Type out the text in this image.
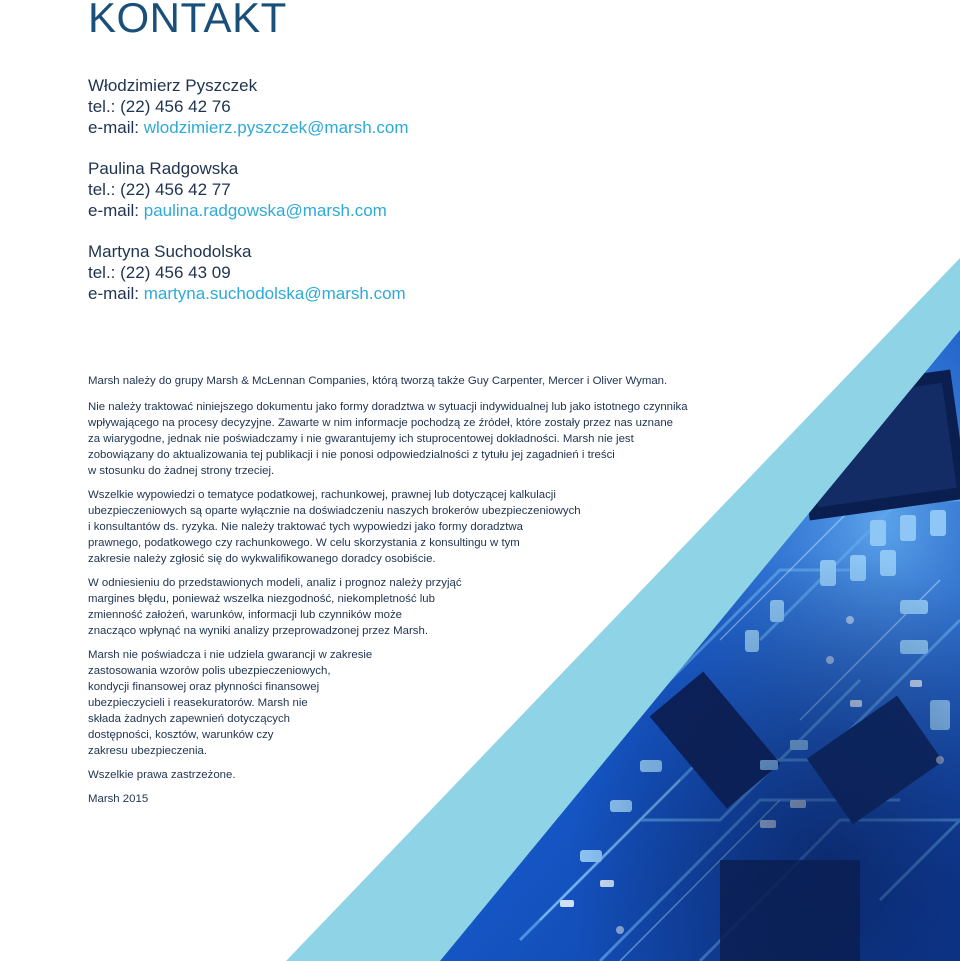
KONTAKT
Włodzimierz Pyszczek
tel.: (22) 456 42 76
e-mail: wlodzimierz.pyszczek@marsh.com
Paulina Radgowska
tel.: (22) 456 42 77
e-mail: paulina.radgowska@marsh.com
Martyna Suchodolska
tel.: (22) 456 43 09
e-mail: martyna.suchodolska@marsh.com

Marsh należy do grupy Marsh & McLennan Companies, którą tworzą także Guy Carpenter, Mercer i Oliver Wyman.

Nie należy traktować niniejszego dokumentu jako formy doradztwa w sytuacji indywidualnej lub jako istotnego czynnika
wpływającego na procesy decyzyjne. Zawarte w nim informacje pochodzą ze źródeł, które zostały przez nas uznane
za wiarygodne, jednak nie poświadczamy i nie gwarantujemy ich stuprocentowej dokładności. Marsh nie jest
zobowiązany do aktualizowania tej publikacji i nie ponosi odpowiedzialności z tytułu jej zagadnień i treści
w stosunku do żadnej strony trzeciej.

Wszelkie wypowiedzi o tematyce podatkowej, rachunkowej, prawnej lub dotyczącej kalkulacji
ubezpieczeniowych są oparte wyłącznie na doświadczeniu naszych brokerów ubezpieczeniowych
i konsultantów ds. ryzyka. Nie należy traktować tych wypowiedzi jako formy doradztwa
prawnego, podatkowego czy rachunkowego. W celu skorzystania z konsultingu w tym
zakresie należy zgłosić się do wykwalifikowanego doradcy osobiście.

W odniesieniu do przedstawionych modeli, analiz i prognoz należy przyjąć
margines błędu, ponieważ wszelka niezgodność, niekompletność lub
zmienność założeń, warunków, informacji lub czynników może
znacząco wpłynąć na wyniki analizy przeprowadzonej przez Marsh.

Marsh nie poświadcza i nie udziela gwarancji w zakresie
zastosowania wzorów polis ubezpieczeniowych,
kondycji finansowej oraz płynności finansowej
ubezpieczycieli i reasekuratorów. Marsh nie
składa żadnych zapewnień dotyczących
dostępności, kosztów, warunków czy
zakresu ubezpieczenia.

Wszelkie prawa zastrzeżone.

Marsh 2015
